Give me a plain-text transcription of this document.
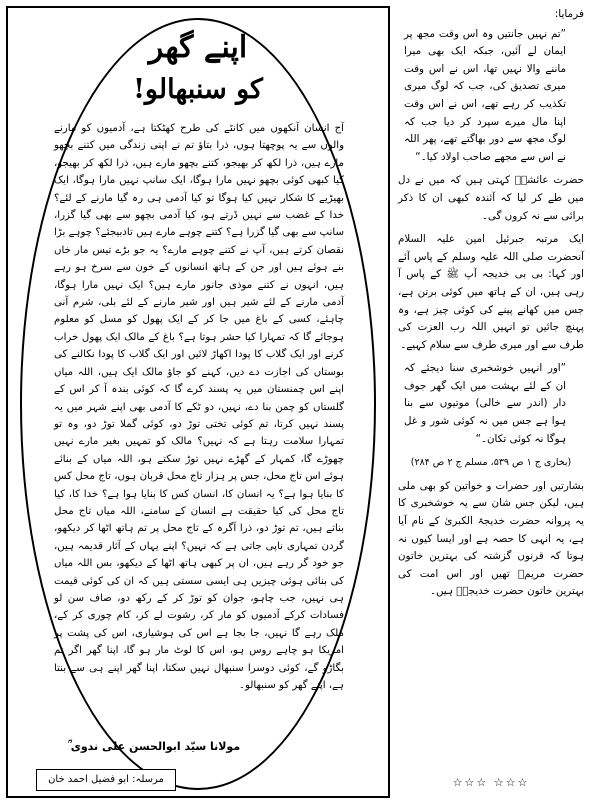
اپنے گھر
کو سنبھالو!

آج انسان آنکھوں میں کانٹے کی طرح کھٹکتا ہے، آدمیوں کو مارنے والوں سے یہ پوچھتا ہوں، ذرا بتاؤ تم نے اپنی زندگی میں کتنے بچھو مارے ہیں، ذرا لکھ کر بھیجو، کتنے بچھو مارے ہیں، ذرا لکھ کر بھیجو، کیا کبھی کوئی بچھو نہیں مارا ہوگا، ایک سانپ نہیں مارا ہوگا، ایک بھیڑیے کا شکار نہیں کیا ہوگا تو کیا آدمی ہی رہ گیا مارنے کے لئے؟ خدا کے غضب سے نہیں ڈرتے ہو، کیا آدمی بچھو سے بھی گیا گزرا، سانپ سے بھی گیا گزرا ہے؟ کتنے چوہے مارے ہیں تادبیجئے؟ چوہے بڑا نقصان کرتے ہیں، آپ نے کتنے چوہے مارے؟ یہ جو بڑے تیس مار خاں بنے ہوئے ہیں اور جن کے ہاتھ انسانوں کے خون سے سرخ ہو رہے ہیں، انہوں نے کتنے موذی جانور مارے ہیں؟ ایک نہیں مارا ہوگا، آدمی مارنے کے لئے شیر ہیں اور شیر مارنے کے لئے بلی، شرم آنی چاہئے، کسی کے باغ میں جا کر کے ایک پھول کو مسل کو معلوم ہوجائے گا کہ تمہارا کیا حشر ہوتا ہے؟ باغ کے مالک ایک پھول خراب کرنے اور ایک گلاب کا پودا اکھاڑ لائیں اور ایک گلاب کا پودا نکالنے کی بوستاں کی اجازت دے دیں، کہنے کو جاؤ مالک ایک ہیں، اللہ میاں اپنے اس چمنستان میں یہ پسند کرے گا کہ کوئی بندہ آ کر اس کے گلستاں کو چمن بنا دے، نہیں، دو ٹکے کا آدمی بھی اپنے شہر میں یہ پسند نہیں کرتا، تم کوئی تختی توڑ دو، کوئی گملا توڑ دو، وہ تو تمہارا سلامت رہتا ہے کہ نہیں؟ مالک کو تمہیں بغیر مارے نہیں چھوڑے گا، کمہار کے گھڑے نہیں توڑ سکتے ہو، اللہ میاں کے بنائے ہوئے اس تاج محل، جس پر ہزار تاج محل قربان ہوں، تاج محل کس کا بنایا ہوا ہے؟ یہ انسان کا، انسان کس کا بنایا ہوا ہے؟ خدا کا، کیا تاج محل کی کیا حقیقت ہے انسان کے سامنے، اللہ میاں تاج محل بناتے ہیں، تم توڑ دو، ذرا آگرہ کے تاج محل پر تم ہاتھ اٹھا کر دیکھو، گردن تمہاری ناپی جاتی ہے کہ نہیں؟ اپنے یہاں کے آثار قدیمہ ہیں، جو خود گر رہے ہیں، ان پر کبھی ہاتھ اٹھا کے دیکھو، بس اللہ میاں کی بنائی ہوئی چیزیں ہی ایسی سستی ہیں کہ ان کی کوئی قیمت ہی نہیں، جب چاہو، جوان کو توڑ کر کے رکھ دو، صاف سن لو فسادات کرکے آدمیوں کو مار کر، رشوت لے کر، کام چوری کر کے، ملک رہے گا نہیں، جا بجا ہے اس کی ہوشیاری، اس کی پشت پر امریکا ہو چاہے روس ہو، اس کا لوٹ مار ہو گا، اپنا گھر اگر تم بگاڑو گے، کوئی دوسرا سنبھال نہیں سکتا، اپنا گھر اپنے ہی سے بنتا ہے، اپنے گھر کو سنبھالو۔

مولانا سیّد ابوالحسن علی ندوی ؒ
مرسلہ: ابو فضیل احمد خان

فرمایا:

”تم نہیں جانتیں وہ اس وقت مجھ پر ایمان لے آئیں، جبکہ ایک بھی میرا ماننے والا نہیں تھا، اس نے اس وقت میری تصدیق کی، جب کہ لوگ میری تکذیب کر رہے تھے، اس نے اس وقت اپنا مال میرے سپرد کر دیا جب کہ لوگ مجھ سے دور بھاگتے تھے، پھر اللہ نے اس سے مجھے صاحب اولاد کیا۔“

حضرت عائشہؓ کہتی ہیں کہ میں نے دل میں طے کر لیا کہ آئندہ کبھی ان کا ذکر برائی سے نہ کروں گی۔

ایک مرتبہ جبرئیل امین علیہ السلام آنحضرت صلی اللہ علیہ وسلم کے پاس آئے اور کہا: بی بی خدیجہ آپ ﷺ کے پاس آ رہی ہیں، ان کے ہاتھ میں کوئی برتن ہے، جس میں کھانے پینے کی کوئی چیز ہے، وہ پہنچ جائیں تو انہیں اللہ رب العزت کی طرف سے اور میری طرف سے سلام کہیے۔

”اور انہیں خوشخبری سنا دیجئے کہ ان کے لئے بہشت میں ایک گھر جوف دار (اندر سے خالی) موتیوں سے بنا ہوا ہے جس میں نہ کوئی شور و غل ہوگا نہ کوئی تکان۔“

(بخاری ج ۱ ص ۵۳۹، مسلم ج ۲ ص ۲۸۴)

بشارتیں اور حضرات و خواتین کو بھی ملی ہیں، لیکن جس شان سے یہ خوشخبری کا یہ پروانہ حضرت خدیجۃ الکبریٰ کے نام آیا ہے، یہ انہی کا حصہ ہے اور ایسا کیوں نہ ہوتا کہ قرنوں گزشتہ کی بہترین خاتون حضرت مریمؑ تھیں اور اس امت کی بہترین خاتون حضرت خدیجہؓ ہیں۔

☆☆☆ ☆☆☆
